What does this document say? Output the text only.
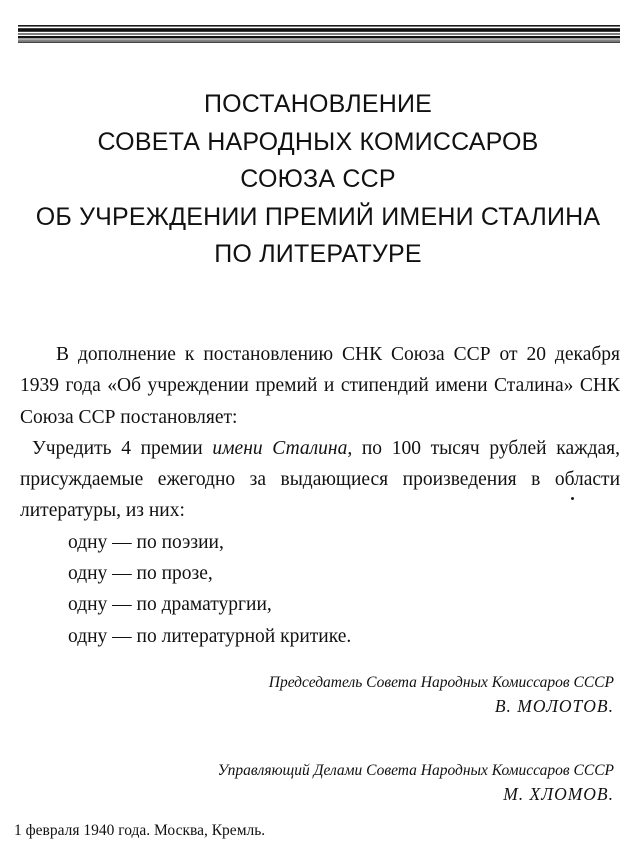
ПОСТАНОВЛЕНИЕ
СОВЕТА НАРОДНЫХ КОМИССАРОВ
СОЮЗА ССР
ОБ УЧРЕЖДЕНИИ ПРЕМИЙ ИМЕНИ СТАЛИНА
ПО ЛИТЕРАТУРЕ
В дополнение к постановлению СНК Союза ССР от 20 декабря 1939 года «Об учреждении премий и стипендий имени Сталина» СНК Союза ССР постановляет:
Учредить 4 премии имени Сталина, по 100 тысяч рублей каждая, присуждаемые ежегодно за выдающиеся произведения в области литературы, из них:
одну — по поэзии,
одну — по прозе,
одну — по драматургии,
одну — по литературной критике.
Председатель Совета Народных Комиссаров СССР
В. МОЛОТОВ.
Управляющий Делами Совета Народных Комиссаров СССР
М. ХЛОМОВ.
1 февраля 1940 года. Москва, Кремль.
